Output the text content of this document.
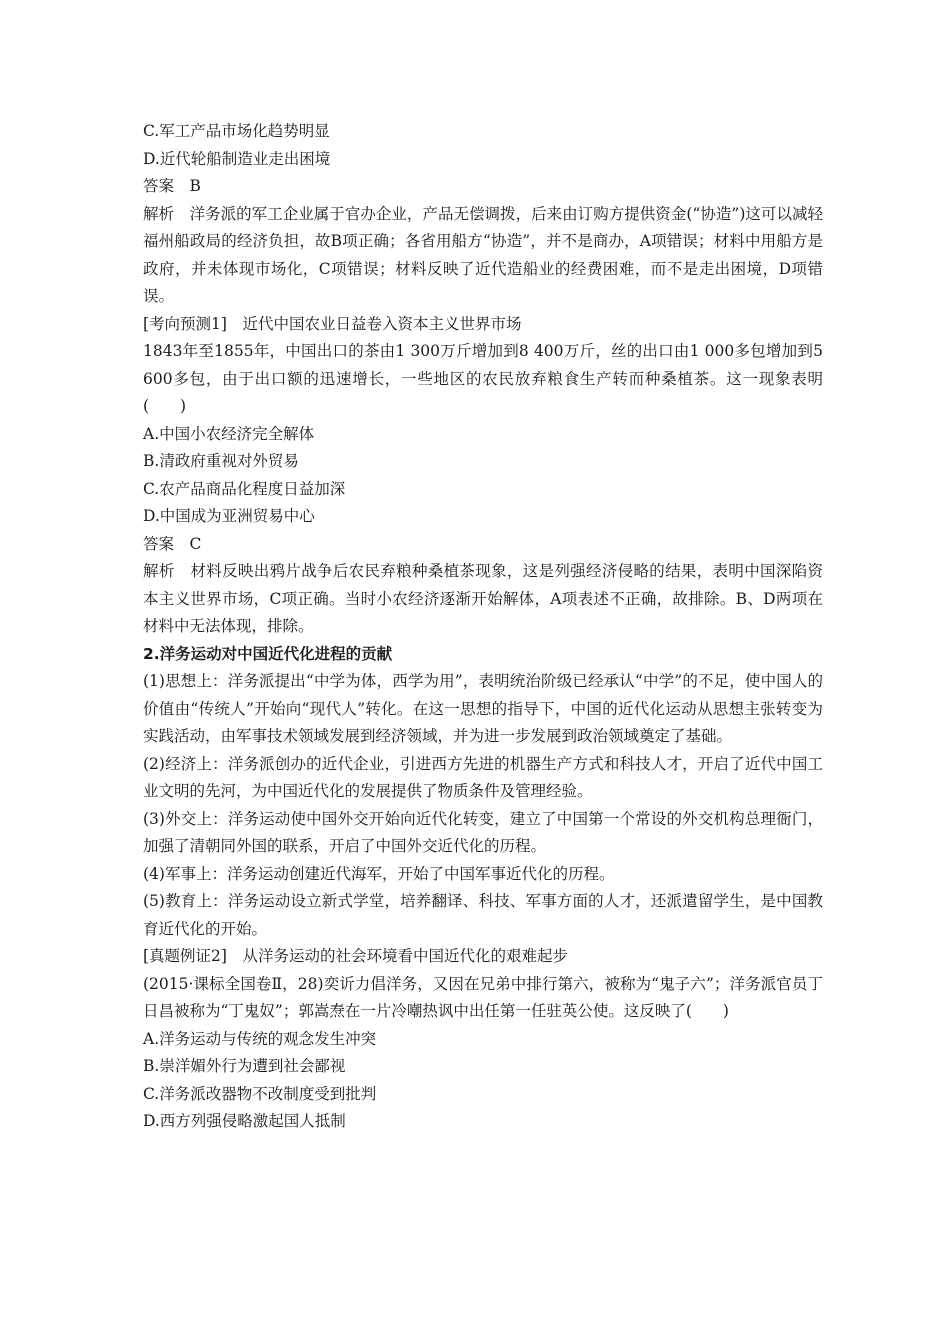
C.军工产品市场化趋势明显
D.近代轮船制造业走出困境
答案　B
解析　洋务派的军工企业属于官办企业，产品无偿调拨，后来由订购方提供资金(“协造”)这可以减轻福州船政局的经济负担，故B项正确；各省用船方“协造”，并不是商办，A项错误；材料中用船方是政府，并未体现市场化，C项错误；材料反映了近代造船业的经费困难，而不是走出困境，D项错误。
[考向预测1]　近代中国农业日益卷入资本主义世界市场
1843年至1855年，中国出口的茶由1 300万斤增加到8 400万斤，丝的出口由1 000多包增加到5 600多包，由于出口额的迅速增长，一些地区的农民放弃粮食生产转而种桑植茶。这一现象表明(　　)
A.中国小农经济完全解体
B.清政府重视对外贸易
C.农产品商品化程度日益加深
D.中国成为亚洲贸易中心
答案　C
解析　材料反映出鸦片战争后农民弃粮种桑植茶现象，这是列强经济侵略的结果，表明中国深陷资本主义世界市场，C项正确。当时小农经济逐渐开始解体，A项表述不正确，故排除。B、D两项在材料中无法体现，排除。
2.洋务运动对中国近代化进程的贡献
(1)思想上：洋务派提出“中学为体，西学为用”，表明统治阶级已经承认“中学”的不足，使中国人的价值由“传统人”开始向“现代人”转化。在这一思想的指导下，中国的近代化运动从思想主张转变为实践活动，由军事技术领域发展到经济领域，并为进一步发展到政治领域奠定了基础。
(2)经济上：洋务派创办的近代企业，引进西方先进的机器生产方式和科技人才，开启了近代中国工业文明的先河，为中国近代化的发展提供了物质条件及管理经验。
(3)外交上：洋务运动使中国外交开始向近代化转变，建立了中国第一个常设的外交机构总理衙门，加强了清朝同外国的联系，开启了中国外交近代化的历程。
(4)军事上：洋务运动创建近代海军，开始了中国军事近代化的历程。
(5)教育上：洋务运动设立新式学堂，培养翻译、科技、军事方面的人才，还派遣留学生，是中国教育近代化的开始。
[真题例证2]　从洋务运动的社会环境看中国近代化的艰难起步
(2015·课标全国卷Ⅱ，28)奕䜣力倡洋务，又因在兄弟中排行第六，被称为“鬼子六”；洋务派官员丁日昌被称为“丁鬼奴”；郭嵩焘在一片冷嘲热讽中出任第一任驻英公使。这反映了(　　)
A.洋务运动与传统的观念发生冲突
B.崇洋媚外行为遭到社会鄙视
C.洋务派改器物不改制度受到批判
D.西方列强侵略激起国人抵制
